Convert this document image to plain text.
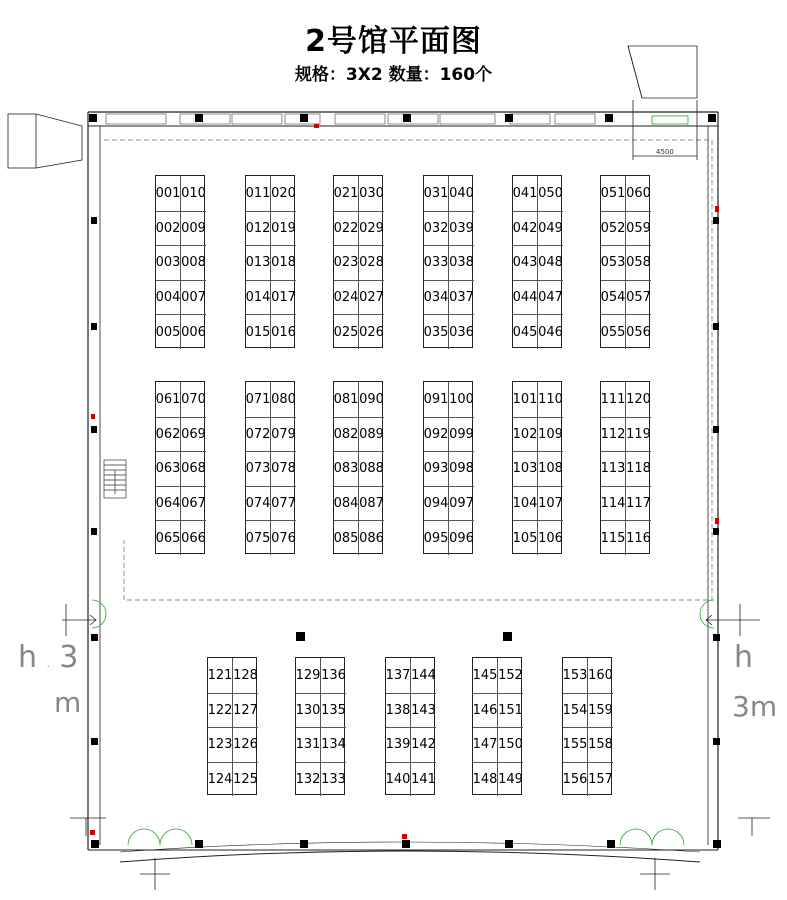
2号馆平面图
规格：3X2 数量：160个
4500
h . 3
m
h
3m
001
002
003
004
005
010
009
008
007
006
011
012
013
014
015
020
019
018
017
016
021
022
023
024
025
030
029
028
027
026
031
032
033
034
035
040
039
038
037
036
041
042
043
044
045
050
049
048
047
046
051
052
053
054
055
060
059
058
057
056
061
062
063
064
065
070
069
068
067
066
071
072
073
074
075
080
079
078
077
076
081
082
083
084
085
090
089
088
087
086
091
092
093
094
095
100
099
098
097
096
101
102
103
104
105
110
109
108
107
106
111
112
113
114
115
120
119
118
117
116
121
122
123
124
128
127
126
125
129
130
131
132
136
135
134
133
137
138
139
140
144
143
142
141
145
146
147
148
152
151
150
149
153
154
155
156
160
159
158
157
